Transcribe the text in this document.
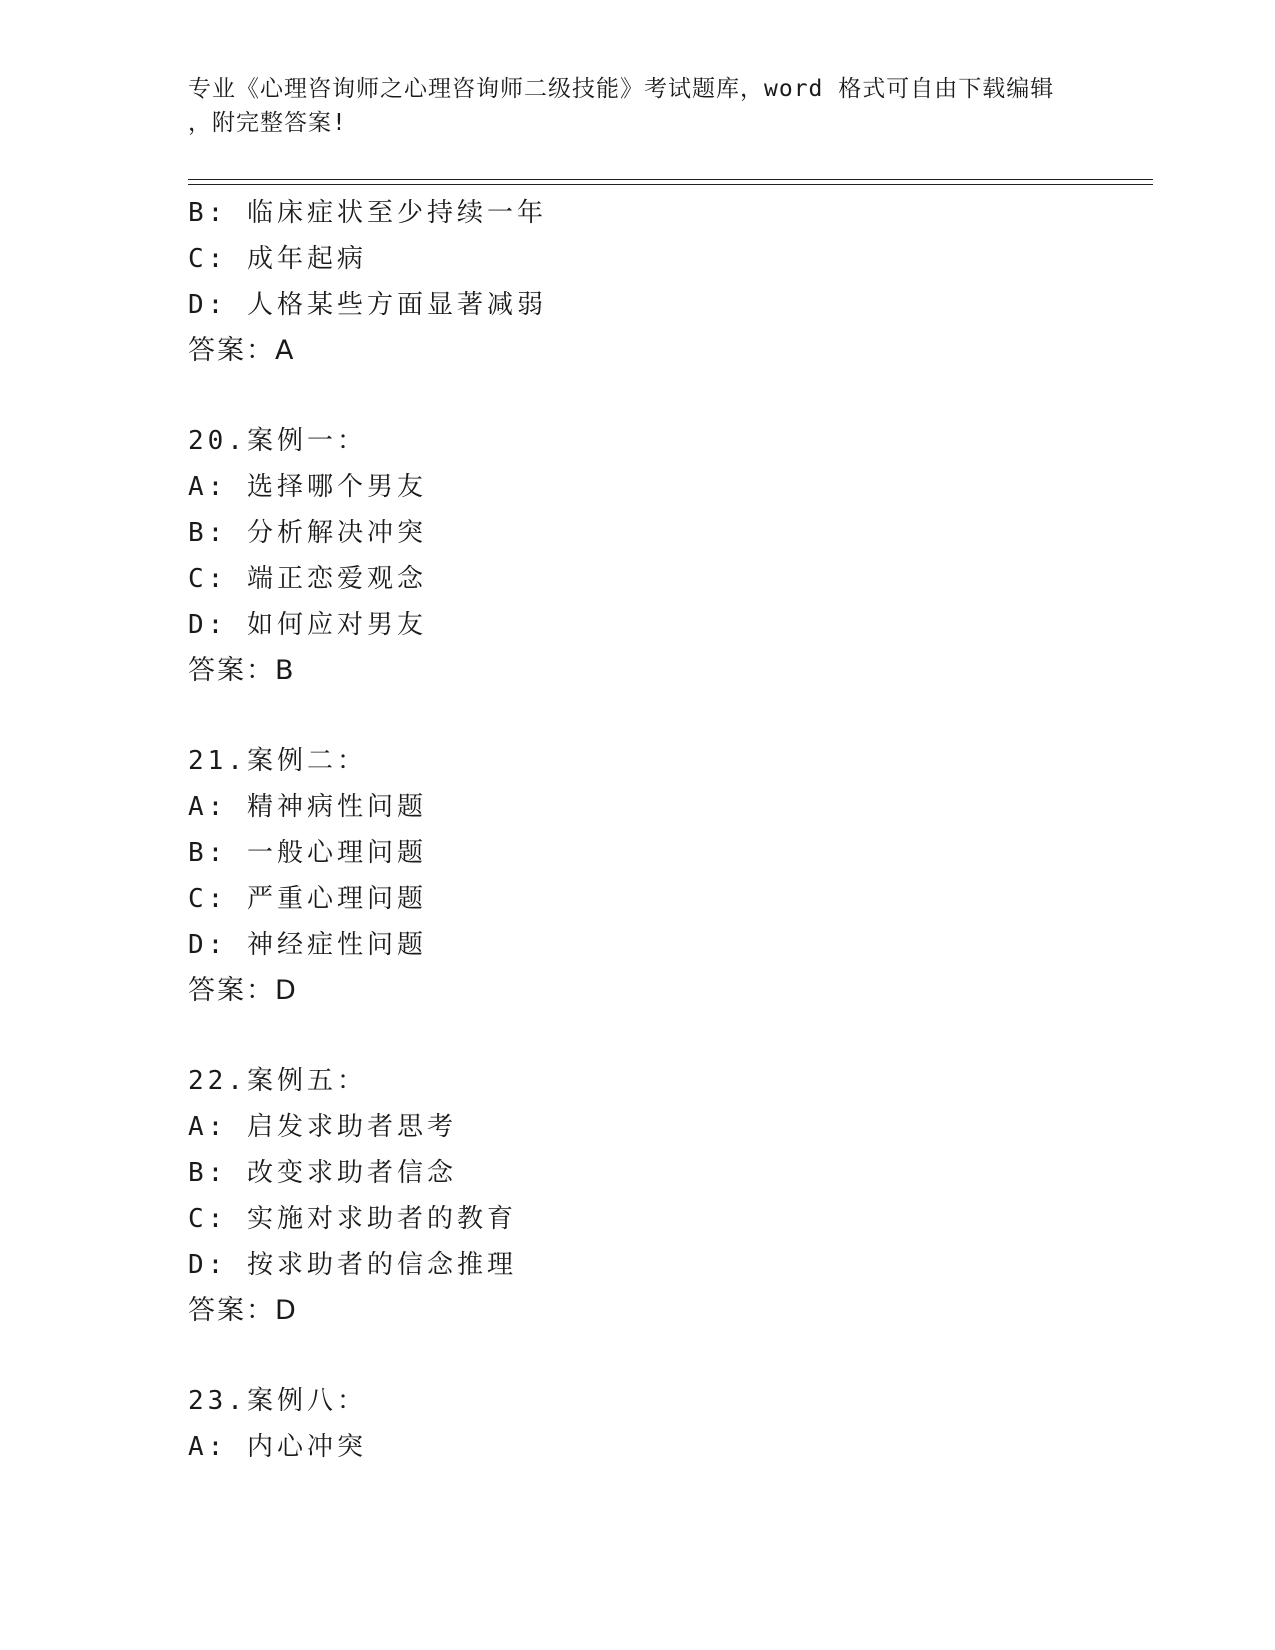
专业《心理咨询师之心理咨询师二级技能》考试题库，word 格式可自由下载编辑
，附完整答案!
B: 临床症状至少持续一年
C: 成年起病
D: 人格某些方面显著减弱
答案：A
20.案例一：
A: 选择哪个男友
B: 分析解决冲突
C: 端正恋爱观念
D: 如何应对男友
答案：B
21.案例二：
A: 精神病性问题
B: 一般心理问题
C: 严重心理问题
D: 神经症性问题
答案：D
22.案例五：
A: 启发求助者思考
B: 改变求助者信念
C: 实施对求助者的教育
D: 按求助者的信念推理
答案：D
23.案例八：
A: 内心冲突
